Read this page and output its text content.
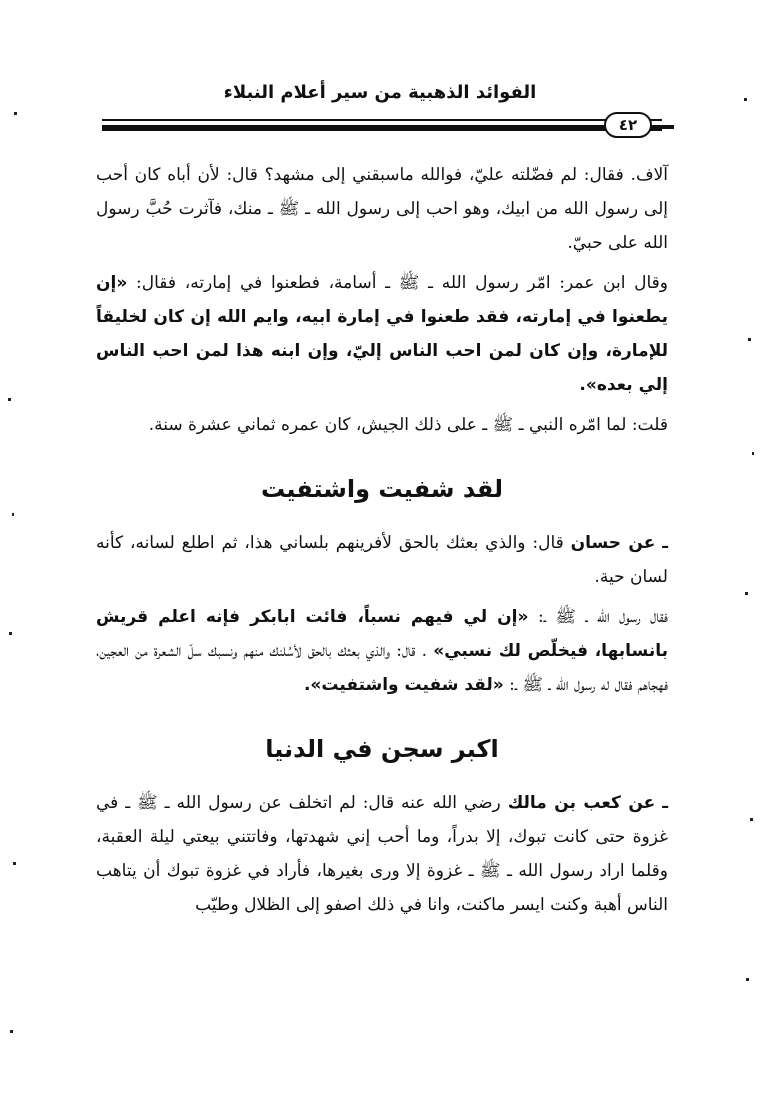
الفوائد الذهبية من سير أعلام النبلاء
٤٢

آلاف. فقال: لم فضّلته عليّ، فوالله ماسبقني إلى مشهد؟ قال: لأن أباه كان أحب إلى رسول الله من ابيك، وهو احب إلى رسول الله ـ ﷺ ـ منك، فآثرت حُبَّ رسول الله على حبيّ.

وقال ابن عمر: امّر رسول الله ـ ﷺ ـ أسامة، فطعنوا في إمارته، فقال: «إن يطعنوا في إمارته، فقد طعنوا في إمارة ابيه، وايم الله إن كان لخليقاً للإمارة، وإن كان لمن احب الناس إليّ، وإن ابنه هذا لمن احب الناس إلي بعده».

قلت: لما امّره النبي ـ ﷺ ـ على ذلك الجيش، كان عمره ثماني عشرة سنة.

لقد شفيت واشتفيت

ـ عن حسان قال: والذي بعثك بالحق لأفرينهم بلساني هذا، ثم اطلع لسانه، كأنه لسان حية.

فقال رسول الله ـ ﷺ ـ: «إن لي فيهم نسباً، فائت ابابكر فإنه اعلم قريش بانسابها، فيخلّص لك نسبي» . قال: والذي بعثك بالحق لأسُلنك منهم ونسبك سلّ الشعرة من العجين، فهجاهم فقال له رسول الله ـ ﷺ ـ: «لقد شفيت واشتفيت».

اكبر سجن في الدنيا

ـ عن كعب بن مالك رضي الله عنه قال: لم اتخلف عن رسول الله ـ ﷺ ـ في غزوة حتى كانت تبوك، إلا بدراً، وما أحب إني شهدتها، وفاتتني بيعتي ليلة العقبة، وقلما اراد رسول الله ـ ﷺ ـ غزوة إلا ورى بغيرها، فأراد في غزوة تبوك أن يتاهب الناس أهبة وكنت ايسر ماكنت، وانا في ذلك اصفو إلى الظلال وطيّب
